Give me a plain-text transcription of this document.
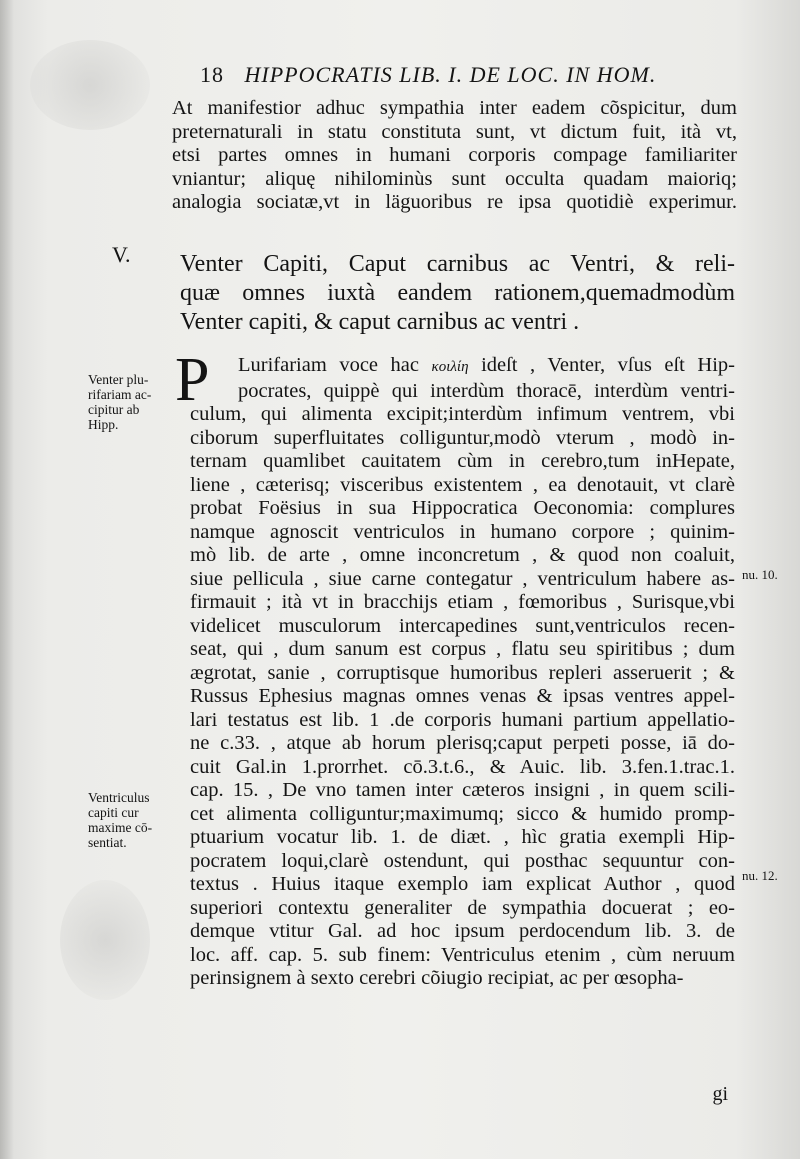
18 HIPPOCRATIS LIB. I. DE LOC. IN HOM.
At manifestior adhuc sympathia inter eadem cõspicitur, dum
preternaturali in statu constituta sunt, vt dictum fuit, ità vt,
etsi partes omnes in humani corporis compage familiariter
vniantur; aliquę nihilominùs sunt occulta quadam maioriq;
analogia sociatæ,vt in läguoribus re ipsa quotidiè experimur.
V. Venter Capiti, Caput carnibus ac Ventri, & reli-
quæ omnes iuxtà eandem rationem,quemadmodùm
Venter capiti, & caput carnibus ac ventri .
P	Lurifariam voce hac κοιλίη ideſt , Venter, vſus eſt Hip-
pocrates, quippè qui interdùm thoracē, interdùm ventri-
culum, qui alimenta excipit;interdùm infimum ventrem, vbi
ciborum superfluitates colliguntur,modò vterum , modò in-
ternam quamlibet cauitatem cùm in cerebro,tum inHepate,
liene , cæterisq; visceribus existentem , ea denotauit, vt clarè
probat Foësius in sua Hippocratica Oeconomia: complures
namque agnoscit ventriculos in humano corpore ; quinim-
mò lib. de arte , omne inconcretum , & quod non coaluit,
siue pellicula , siue carne contegatur , ventriculum habere as-
firmauit ; ità vt in bracchijs etiam , fœmoribus , Surisque,vbi
videlicet musculorum intercapedines sunt,ventriculos recen-
seat, qui , dum sanum est corpus , flatu seu spiritibus ; dum
ægrotat, sanie , corruptisque humoribus repleri asseruerit ; &
Russus Ephesius magnas omnes venas & ipsas ventres appel-
lari testatus est lib. 1 .de corporis humani partium appellatio-
ne c.33. , atque ab horum plerisq;caput perpeti posse, iā do-
cuit Gal.in 1.prorrhet. cō.3.t.6., & Auic. lib. 3.fen.1.trac.1.
cap. 15. , De vno tamen inter cæteros insigni , in quem scili-
cet alimenta colliguntur;maximumq; sicco & humido promp-
ptuarium vocatur lib. 1. de diæt. , hìc gratia exempli Hip-
pocratem loqui,clarè ostendunt, qui posthac sequuntur con-
textus . Huius itaque exemplo iam explicat Author , quod
superiori contextu generaliter de sympathia docuerat ; eo-
demque vtitur Gal. ad hoc ipsum perdocendum lib. 3. de
loc. aff. cap. 5. sub finem: Ventriculus etenim , cùm neruum
perinsignem à sexto cerebri cõiugio recipiat, ac per œsopha-
Venter plu-
rifariam ac-
cipitur ab
Hipp.
Ventriculus
capiti cur
maxime cō-
sentiat.
nu. 10.
nu. 12.
gi
